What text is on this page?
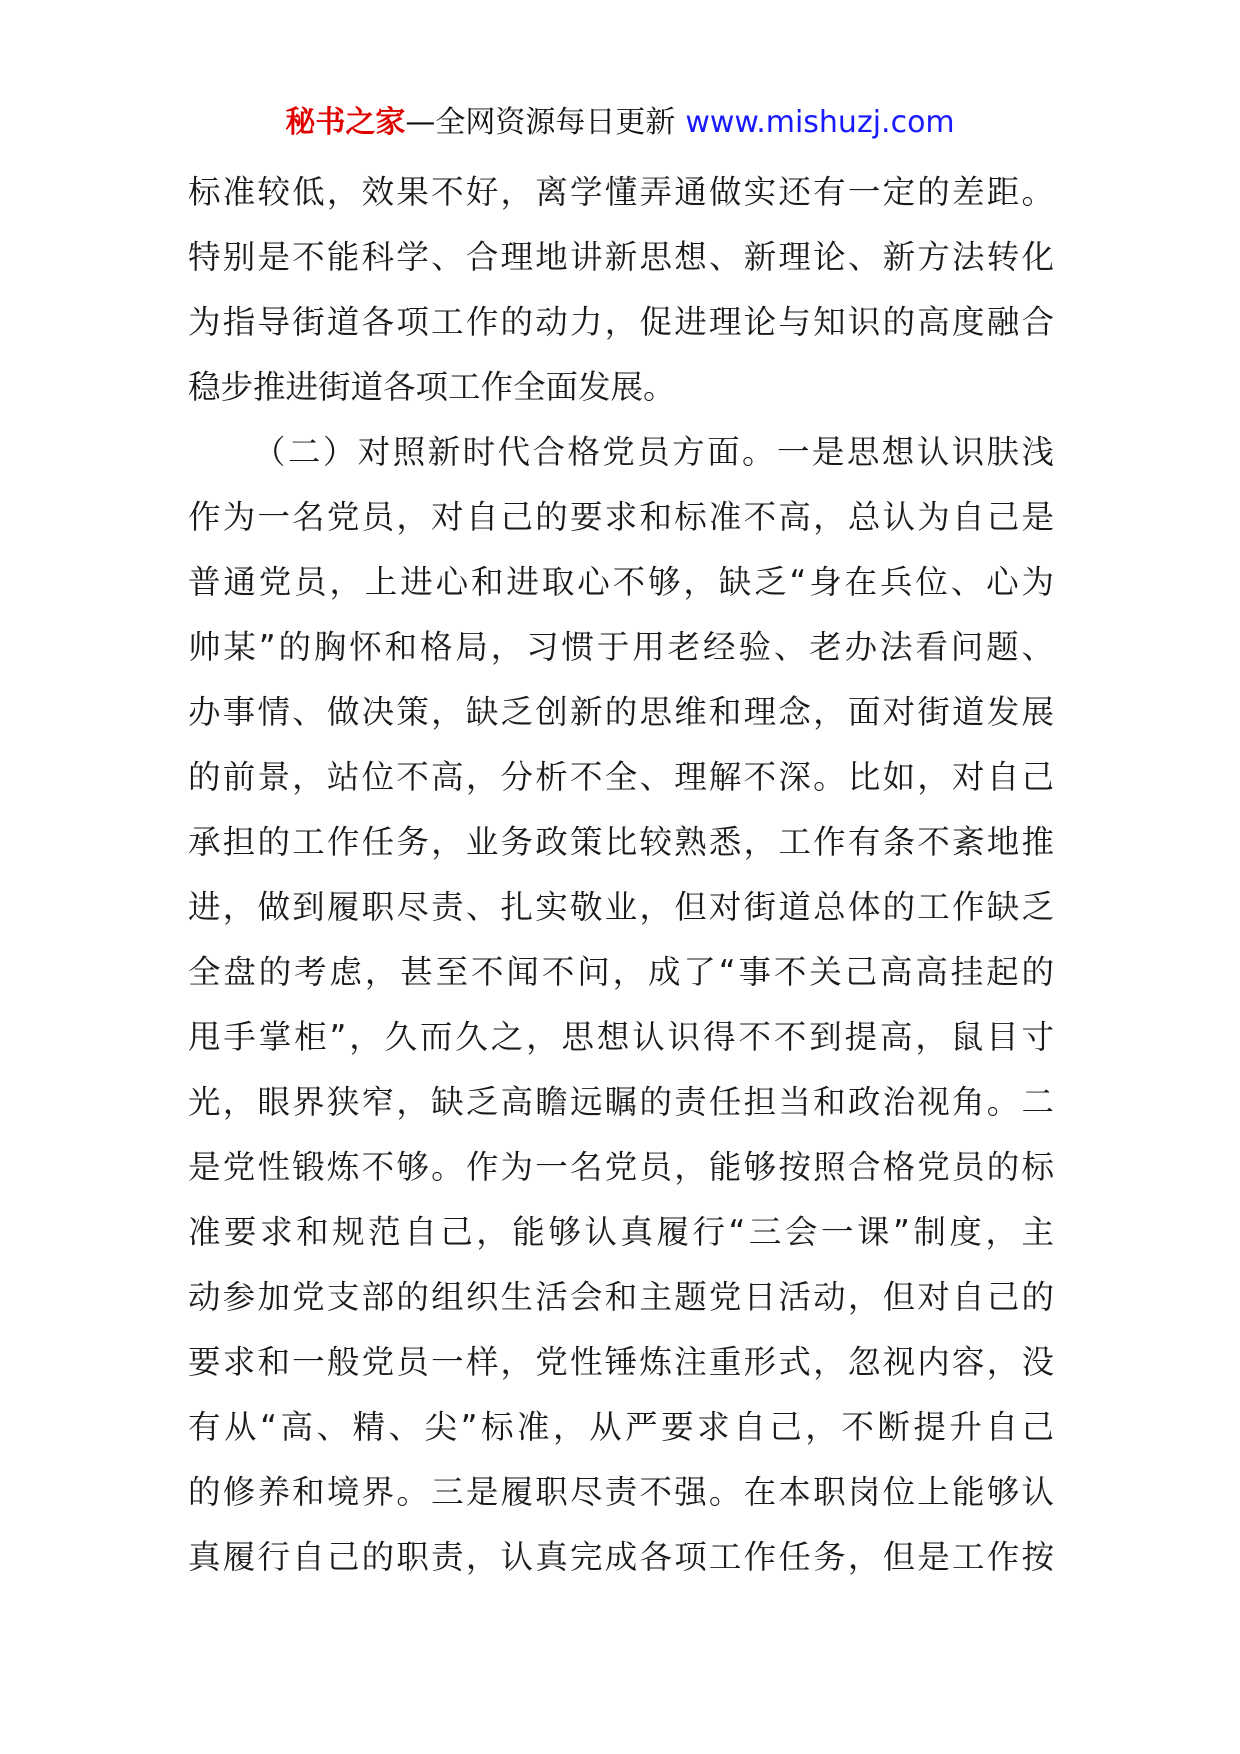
秘书之家—全网资源每日更新 www.mishuzj.com
标准较低，效果不好，离学懂弄通做实还有一定的差距。
特别是不能科学、合理地讲新思想、新理论、新方法转化
为指导街道各项工作的动力，促进理论与知识的高度融合
稳步推进街道各项工作全面发展。
（二）对照新时代合格党员方面。一是思想认识肤浅
作为一名党员，对自己的要求和标准不高，总认为自己是
普通党员，上进心和进取心不够，缺乏“身在兵位、心为
帅某”的胸怀和格局，习惯于用老经验、老办法看问题、
办事情、做决策，缺乏创新的思维和理念，面对街道发展
的前景，站位不高，分析不全、理解不深。比如，对自己
承担的工作任务，业务政策比较熟悉，工作有条不紊地推
进，做到履职尽责、扎实敬业，但对街道总体的工作缺乏
全盘的考虑，甚至不闻不问，成了“事不关己高高挂起的
甩手掌柜”，久而久之，思想认识得不不到提高，鼠目寸
光，眼界狭窄，缺乏高瞻远瞩的责任担当和政治视角。二
是党性锻炼不够。作为一名党员，能够按照合格党员的标
准要求和规范自己，能够认真履行“三会一课”制度，主
动参加党支部的组织生活会和主题党日活动，但对自己的
要求和一般党员一样，党性锤炼注重形式，忽视内容，没
有从“高、精、尖”标准，从严要求自己，不断提升自己
的修养和境界。三是履职尽责不强。在本职岗位上能够认
真履行自己的职责，认真完成各项工作任务，但是工作按
